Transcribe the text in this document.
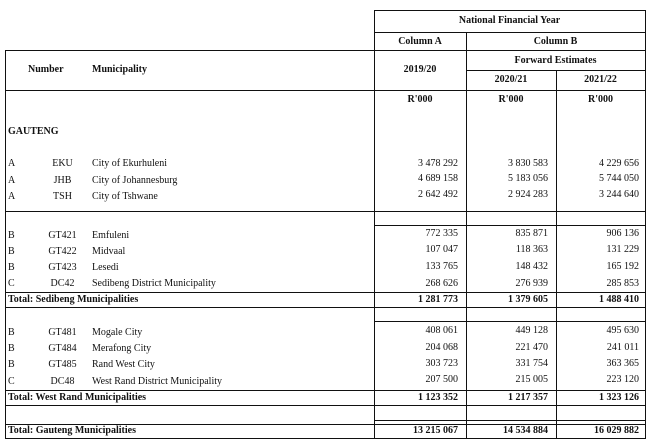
National Financial Year
Column A	Column B
Number	Municipality
Forward Estimates
2019/20
2020/21	2021/22
R'000	R'000	R'000
GAUTENG
A	EKU	City of Ekurhuleni	3 478 292	3 830 583	4 229 656
A	JHB	City of Johannesburg	4 689 158	5 183 056	5 744 050
A	TSH	City of Tshwane	2 642 492	2 924 283	3 244 640
B	GT421	Emfuleni	772 335	835 871	906 136
B	GT422	Midvaal	107 047	118 363	131 229
B	GT423	Lesedi	133 765	148 432	165 192
C	DC42	Sedibeng District Municipality	268 626	276 939	285 853
Total: Sedibeng Municipalities	1 281 773	1 379 605	1 488 410
B	GT481	Mogale City	408 061	449 128	495 630
B	GT484	Merafong City	204 068	221 470	241 011
B	GT485	Rand West City	303 723	331 754	363 365
C	DC48	West Rand District Municipality	207 500	215 005	223 120
Total: West Rand Municipalities	1 123 352	1 217 357	1 323 126
Total: Gauteng Municipalities	13 215 067	14 534 884	16 029 882
